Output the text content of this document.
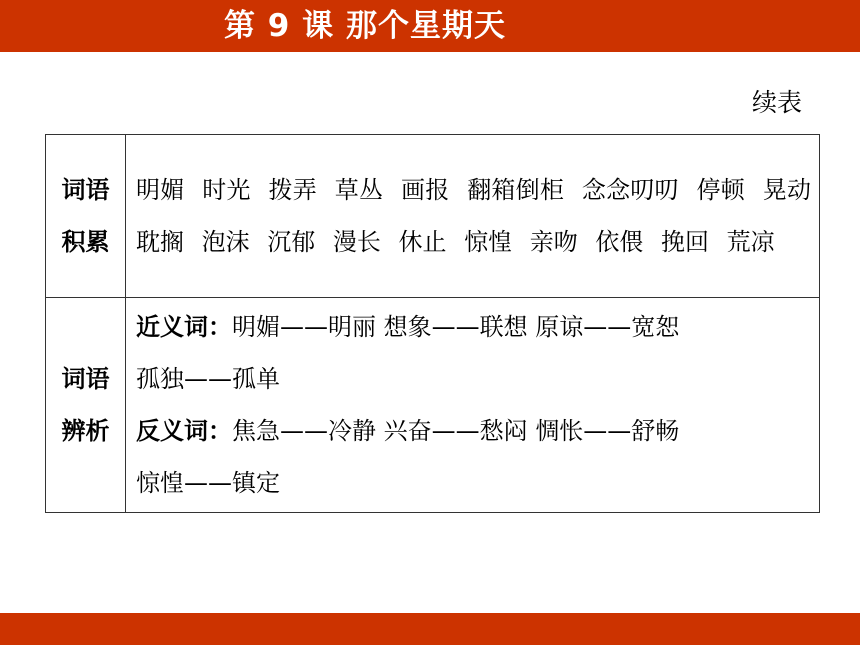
第 9 课 那个星期天
续表
词语
积累	明媚 时光 拨弄 草丛 画报 翻箱倒柜 念念叨叨 停顿 晃动 耽搁 泡沫 沉郁 漫长 休止 惊惶 亲吻 依偎 挽回 荒凉

词语
辨析	近义词：明媚——明丽 想象——联想 原谅——宽恕
孤独——孤单
反义词：焦急——冷静 兴奋——愁闷 惆怅——舒畅
惊惶——镇定
